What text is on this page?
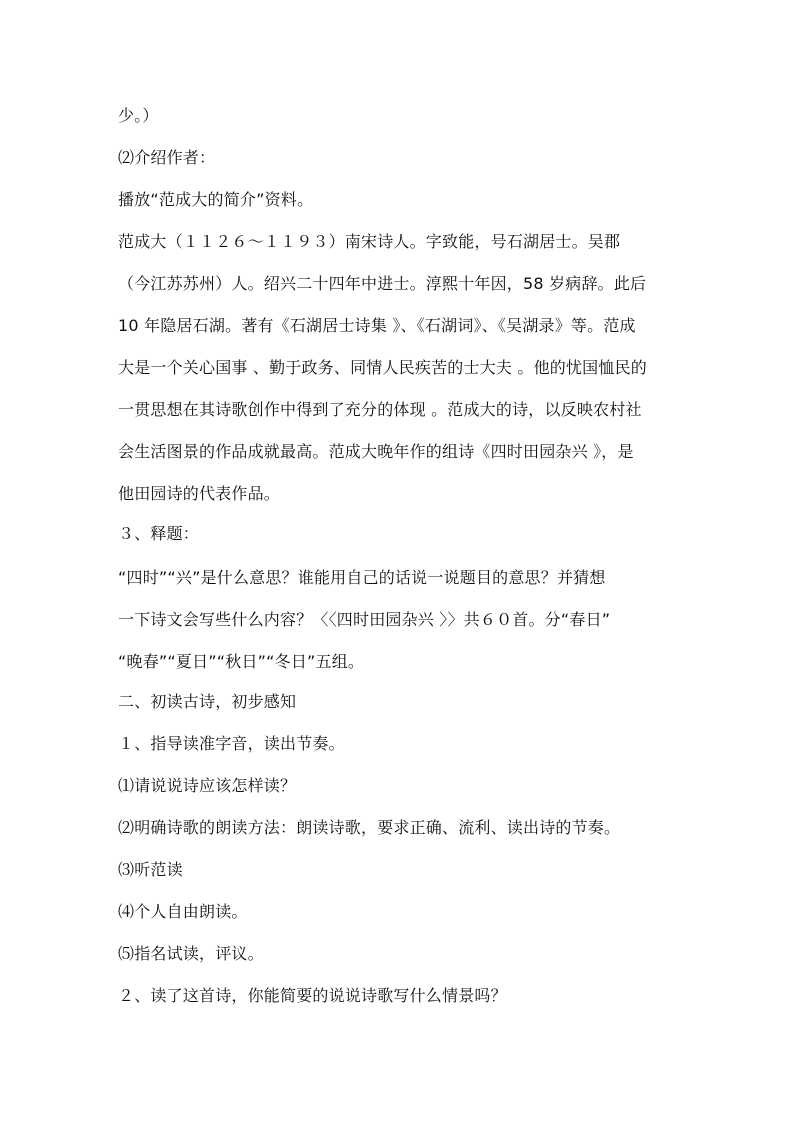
少。）
⑵介绍作者：
播放“范成大的简介”资料。
范成大（１１２６～１１９３）南宋诗人。字致能，号石湖居士。吴郡
（今江苏苏州）人。绍兴二十四年中进士。淳熙十年因，58 岁病辞。此后
10 年隐居石湖。著有《石湖居士诗集 》、《石湖词》、《吴湖录》等。范成
大是一个关心国事 、勤于政务、同情人民疾苦的士大夫 。他的忧国恤民的
一贯思想在其诗歌创作中得到了充分的体现 。范成大的诗，以反映农村社
会生活图景的作品成就最高。范成大晚年作的组诗《四时田园杂兴 》，是
他田园诗的代表作品。
３、释题：
“四时”“兴”是什么意思？谁能用自己的话说一说题目的意思？并猜想
一下诗文会写些什么内容？〈〈四时田园杂兴 〉〉共６０首。分“春日”
“晚春”“夏日”“秋日”“冬日”五组。
二、初读古诗，初步感知
１、指导读准字音，读出节奏。
⑴请说说诗应该怎样读？
⑵明确诗歌的朗读方法：朗读诗歌，要求正确、流利、读出诗的节奏。
⑶听范读
⑷个人自由朗读。
⑸指名试读，评议。
２、读了这首诗，你能简要的说说诗歌写什么情景吗？
